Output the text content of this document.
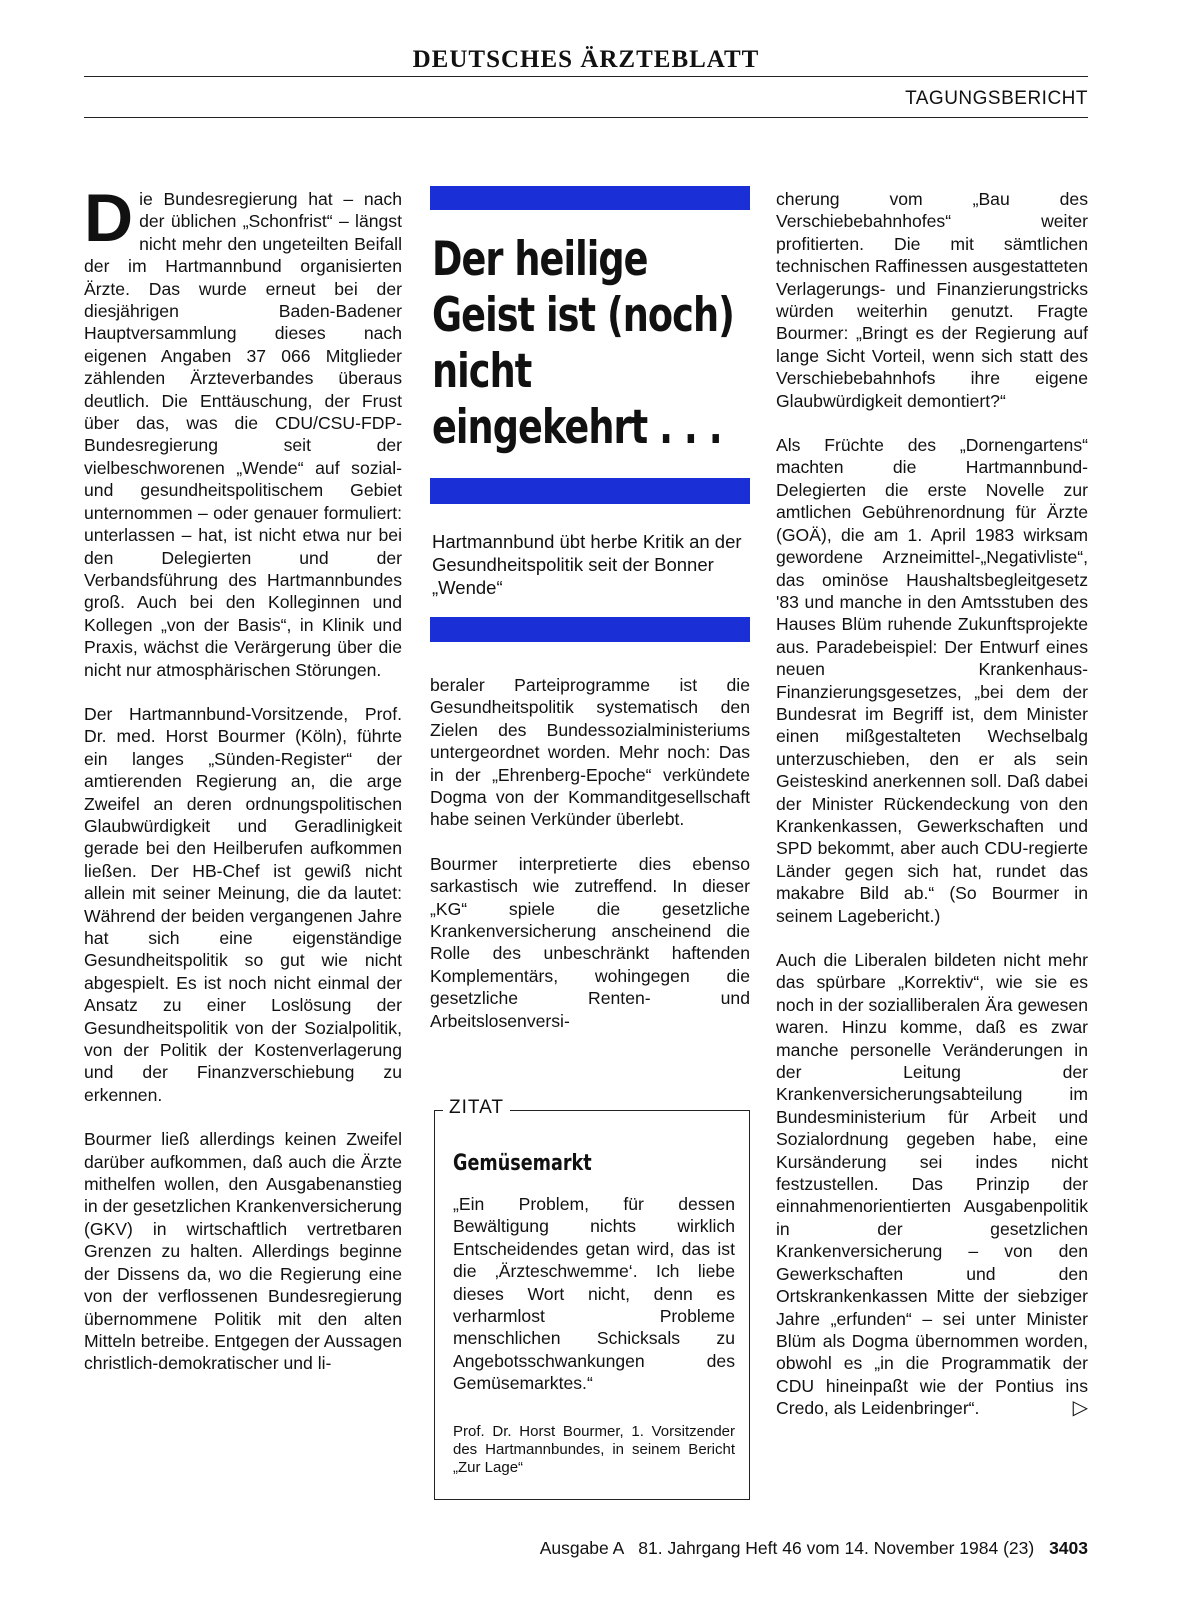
DEUTSCHES ÄRZTEBLATT
TAGUNGSBERICHT

Die Bundesregierung hat – nach der üblichen „Schonfrist“ – längst nicht mehr den ungeteilten Beifall der im Hartmannbund organisierten Ärzte. Das wurde erneut bei der diesjährigen Baden-Badener Hauptversammlung dieses nach eigenen Angaben 37 066 Mitglieder zählenden Ärzteverbandes überaus deutlich. Die Enttäuschung, der Frust über das, was die CDU/CSU-FDP-Bundesregierung seit der vielbeschworenen „Wende“ auf sozial- und gesundheitspolitischem Gebiet unternommen – oder genauer formuliert: unterlassen – hat, ist nicht etwa nur bei den Delegierten und der Verbandsführung des Hartmannbundes groß. Auch bei den Kolleginnen und Kollegen „von der Basis“, in Klinik und Praxis, wächst die Verärgerung über die nicht nur atmosphärischen Störungen.

Der Hartmannbund-Vorsitzende, Prof. Dr. med. Horst Bourmer (Köln), führte ein langes „Sünden-Register“ der amtierenden Regierung an, die arge Zweifel an deren ordnungspolitischen Glaubwürdigkeit und Geradlinigkeit gerade bei den Heilberufen aufkommen ließen. Der HB-Chef ist gewiß nicht allein mit seiner Meinung, die da lautet: Während der beiden vergangenen Jahre hat sich eine eigenständige Gesundheitspolitik so gut wie nicht abgespielt. Es ist noch nicht einmal der Ansatz zu einer Loslösung der Gesundheitspolitik von der Sozialpolitik, von der Politik der Kostenverlagerung und der Finanzverschiebung zu erkennen.

Bourmer ließ allerdings keinen Zweifel darüber aufkommen, daß auch die Ärzte mithelfen wollen, den Ausgabenanstieg in der gesetzlichen Krankenversicherung (GKV) in wirtschaftlich vertretbaren Grenzen zu halten. Allerdings beginne der Dissens da, wo die Regierung eine von der verflossenen Bundesregierung übernommene Politik mit den alten Mitteln betreibe. Entgegen der Aussagen christlich-demokratischer und li-

Der heilige Geist ist (noch) nicht eingekehrt . . .
Hartmannbund übt herbe Kritik an der Gesundheitspolitik seit der Bonner „Wende“

beraler Parteiprogramme ist die Gesundheitspolitik systematisch den Zielen des Bundessozialministeriums untergeordnet worden. Mehr noch: Das in der „Ehrenberg-Epoche“ verkündete Dogma von der Kommanditgesellschaft habe seinen Verkünder überlebt.

Bourmer interpretierte dies ebenso sarkastisch wie zutreffend. In dieser „KG“ spiele die gesetzliche Krankenversicherung anscheinend die Rolle des unbeschränkt haftenden Komplementärs, wohingegen die gesetzliche Renten- und Arbeitslosenversi-

ZITAT
Gemüsemarkt
„Ein Problem, für dessen Bewältigung nichts wirklich Entscheidendes getan wird, das ist die ‚Ärzteschwemme‘. Ich liebe dieses Wort nicht, denn es verharmlost Probleme menschlichen Schicksals zu Angebotsschwankungen des Gemüsemarktes.“
Prof. Dr. Horst Bourmer, 1. Vorsitzender des Hartmannbundes, in seinem Bericht „Zur Lage“

cherung vom „Bau des Verschiebebahnhofes“ weiter profitierten. Die mit sämtlichen technischen Raffinessen ausgestatteten Verlagerungs- und Finanzierungstricks würden weiterhin genutzt. Fragte Bourmer: „Bringt es der Regierung auf lange Sicht Vorteil, wenn sich statt des Verschiebebahnhofs ihre eigene Glaubwürdigkeit demontiert?“

Als Früchte des „Dornengartens“ machten die Hartmannbund-Delegierten die erste Novelle zur amtlichen Gebührenordnung für Ärzte (GOÄ), die am 1. April 1983 wirksam gewordene Arzneimittel-„Negativliste“, das ominöse Haushaltsbegleitgesetz '83 und manche in den Amtsstuben des Hauses Blüm ruhende Zukunftsprojekte aus. Paradebeispiel: Der Entwurf eines neuen Krankenhaus-Finanzierungsgesetzes, „bei dem der Bundesrat im Begriff ist, dem Minister einen mißgestalteten Wechselbalg unterzuschieben, den er als sein Geisteskind anerkennen soll. Daß dabei der Minister Rückendeckung von den Krankenkassen, Gewerkschaften und SPD bekommt, aber auch CDU-regierte Länder gegen sich hat, rundet das makabre Bild ab.“ (So Bourmer in seinem Lagebericht.)

Auch die Liberalen bildeten nicht mehr das spürbare „Korrektiv“, wie sie es noch in der sozialliberalen Ära gewesen waren. Hinzu komme, daß es zwar manche personelle Veränderungen in der Leitung der Krankenversicherungsabteilung im Bundesministerium für Arbeit und Sozialordnung gegeben habe, eine Kursänderung sei indes nicht festzustellen. Das Prinzip der einnahmenorientierten Ausgabenpolitik in der gesetzlichen Krankenversicherung – von den Gewerkschaften und den Ortskrankenkassen Mitte der siebziger Jahre „erfunden“ – sei unter Minister Blüm als Dogma übernommen worden, obwohl es „in die Programmatik der CDU hineinpaßt wie der Pontius ins Credo, als Leidenbringer“.	▷

Ausgabe A 81. Jahrgang Heft 46 vom 14. November 1984 (23) 3403
